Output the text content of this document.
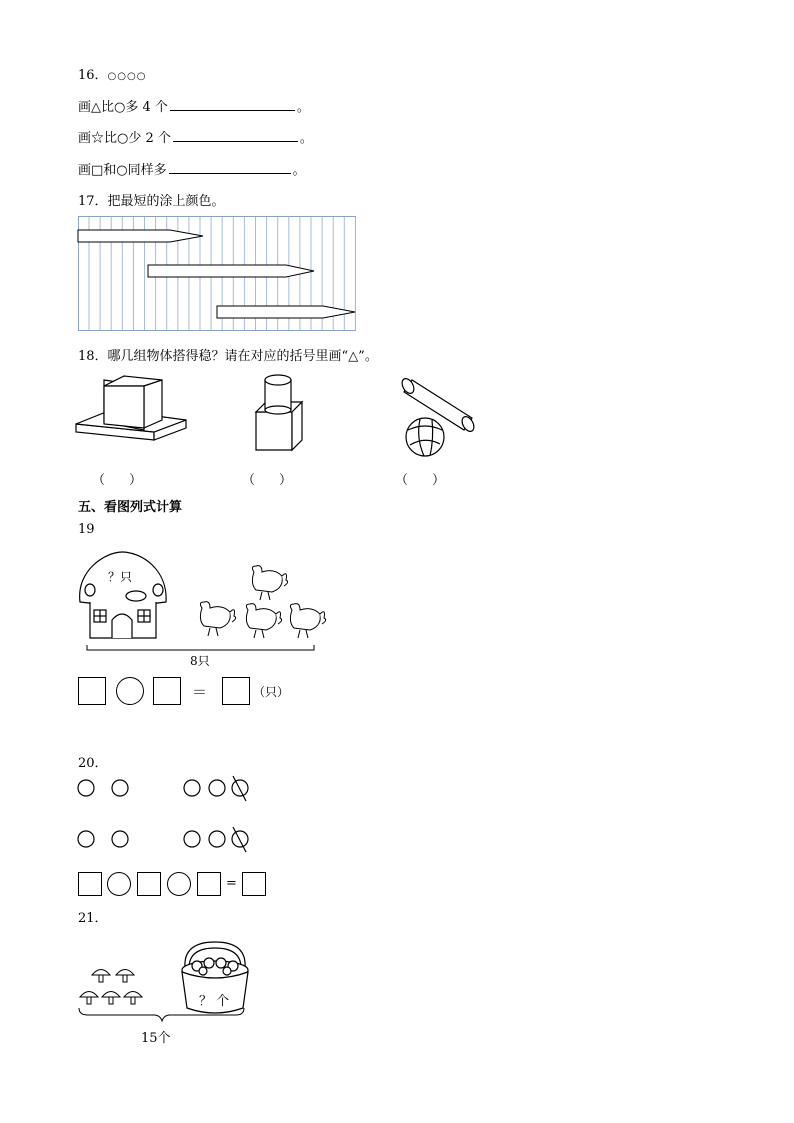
16．○○○○
画△比○多 4 个	。
画☆比○少 2 个	。
画□和○同样多	。
17．把最短的涂上颜色。
18．哪几组物体搭得稳？请在对应的括号里画“△”。
（ ）	（ ）	（ ）
五、看图列式计算
19
？只
8只
＝	（只）
20．
=
21．
？ 个
15个
